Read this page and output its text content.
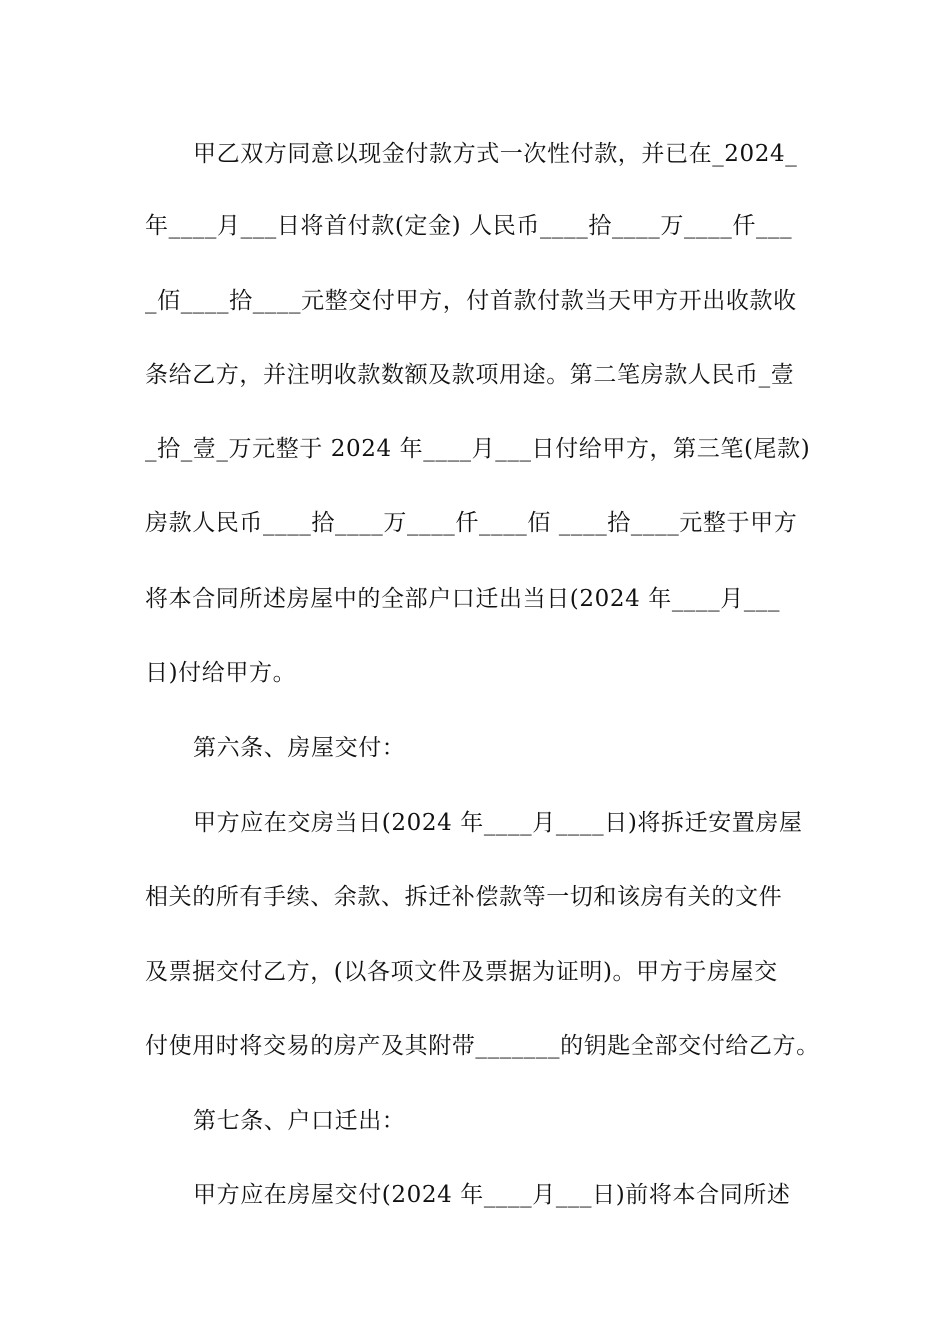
甲乙双方同意以现金付款方式一次性付款，并已在_2024_
年____月___日将首付款(定金) 人民币____拾____万____仟___
_佰____拾____元整交付甲方，付首款付款当天甲方开出收款收
条给乙方，并注明收款数额及款项用途。第二笔房款人民币_壹
_拾_壹_万元整于 2024 年____月___日付给甲方，第三笔(尾款)
房款人民币____拾____万____仟____佰 ____拾____元整于甲方
将本合同所述房屋中的全部户口迁出当日(2024 年____月___
日)付给甲方。
第六条、房屋交付：
甲方应在交房当日(2024 年____月____日)将拆迁安置房屋
相关的所有手续、余款、拆迁补偿款等一切和该房有关的文件
及票据交付乙方，(以各项文件及票据为证明)。甲方于房屋交
付使用时将交易的房产及其附带_______的钥匙全部交付给乙方。
第七条、户口迁出：
甲方应在房屋交付(2024 年____月___日)前将本合同所述
